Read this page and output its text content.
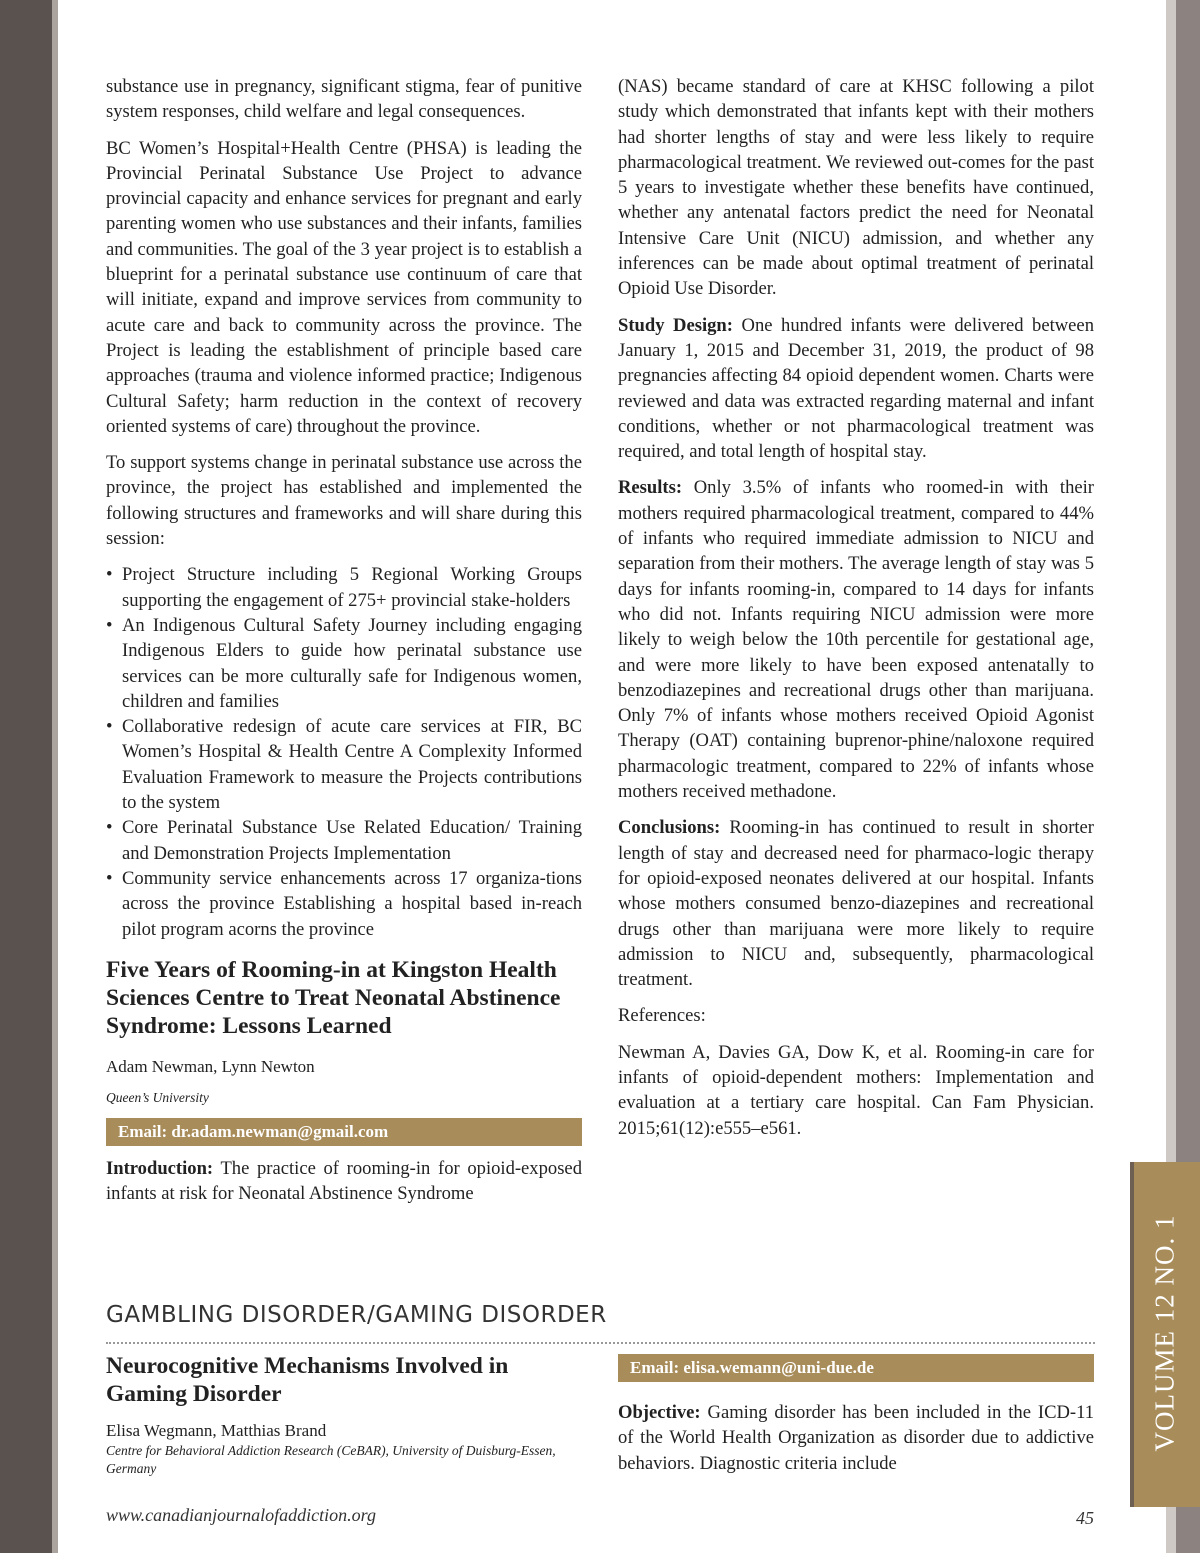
VOLUME 12 NO. 1

substance use in pregnancy, significant stigma, fear of punitive system responses, child welfare and legal consequences.

BC Women’s Hospital+Health Centre (PHSA) is leading the Provincial Perinatal Substance Use Project to advance provincial capacity and enhance services for pregnant and early parenting women who use substances and their infants, families and communities. The goal of the 3 year project is to establish a blueprint for a perinatal substance use continuum of care that will initiate, expand and improve services from community to acute care and back to community across the province. The Project is leading the establishment of principle based care approaches (trauma and violence informed practice; Indigenous Cultural Safety; harm reduction in the context of recovery oriented systems of care) throughout the province.

To support systems change in perinatal substance use across the province, the project has established and implemented the following structures and frameworks and will share during this session:

• Project Structure including 5 Regional Working Groups supporting the engagement of 275+ provincial stake-holders
• An Indigenous Cultural Safety Journey including engaging Indigenous Elders to guide how perinatal substance use services can be more culturally safe for Indigenous women, children and families
• Collaborative redesign of acute care services at FIR, BC Women’s Hospital & Health Centre A Complexity Informed Evaluation Framework to measure the Projects contributions to the system
• Core Perinatal Substance Use Related Education/ Training and Demonstration Projects Implementation
• Community service enhancements across 17 organiza-tions across the province Establishing a hospital based in-reach pilot program acorns the province
Five Years of Rooming-in at Kingston Health Sciences Centre to Treat Neonatal Abstinence Syndrome: Lessons Learned

Adam Newman, Lynn Newton

Queen’s University

Email: dr.adam.newman@gmail.com

Introduction: The practice of rooming-in for opioid-exposed infants at risk for Neonatal Abstinence Syndrome

(NAS) became standard of care at KHSC following a pilot study which demonstrated that infants kept with their mothers had shorter lengths of stay and were less likely to require pharmacological treatment. We reviewed out-comes for the past 5 years to investigate whether these benefits have continued, whether any antenatal factors predict the need for Neonatal Intensive Care Unit (NICU) admission, and whether any inferences can be made about optimal treatment of perinatal Opioid Use Disorder.

Study Design: One hundred infants were delivered between January 1, 2015 and December 31, 2019, the product of 98 pregnancies affecting 84 opioid dependent women. Charts were reviewed and data was extracted regarding maternal and infant conditions, whether or not pharmacological treatment was required, and total length of hospital stay.

Results: Only 3.5% of infants who roomed-in with their mothers required pharmacological treatment, compared to 44% of infants who required immediate admission to NICU and separation from their mothers. The average length of stay was 5 days for infants rooming-in, compared to 14 days for infants who did not. Infants requiring NICU admission were more likely to weigh below the 10th percentile for gestational age, and were more likely to have been exposed antenatally to benzodiazepines and recreational drugs other than marijuana. Only 7% of infants whose mothers received Opioid Agonist Therapy (OAT) containing buprenor-phine/naloxone required pharmacologic treatment, compared to 22% of infants whose mothers received methadone.

Conclusions: Rooming-in has continued to result in shorter length of stay and decreased need for pharmaco-logic therapy for opioid-exposed neonates delivered at our hospital. Infants whose mothers consumed benzo-diazepines and recreational drugs other than marijuana were more likely to require admission to NICU and, subsequently, pharmacological treatment.

References:

Newman A, Davies GA, Dow K, et al. Rooming-in care for infants of opioid-dependent mothers: Implementation and evaluation at a tertiary care hospital. Can Fam Physician. 2015;61(12):e555–e561.

GAMBLING DISORDER/GAMING DISORDER
Neurocognitive Mechanisms Involved in Gaming Disorder

Elisa Wegmann, Matthias Brand

Centre for Behavioral Addiction Research (CeBAR), University of Duisburg-Essen, Germany

Email: elisa.wemann@uni-due.de

Objective: Gaming disorder has been included in the ICD-11 of the World Health Organization as disorder due to addictive behaviors. Diagnostic criteria include

www.canadianjournalofaddiction.org	45
